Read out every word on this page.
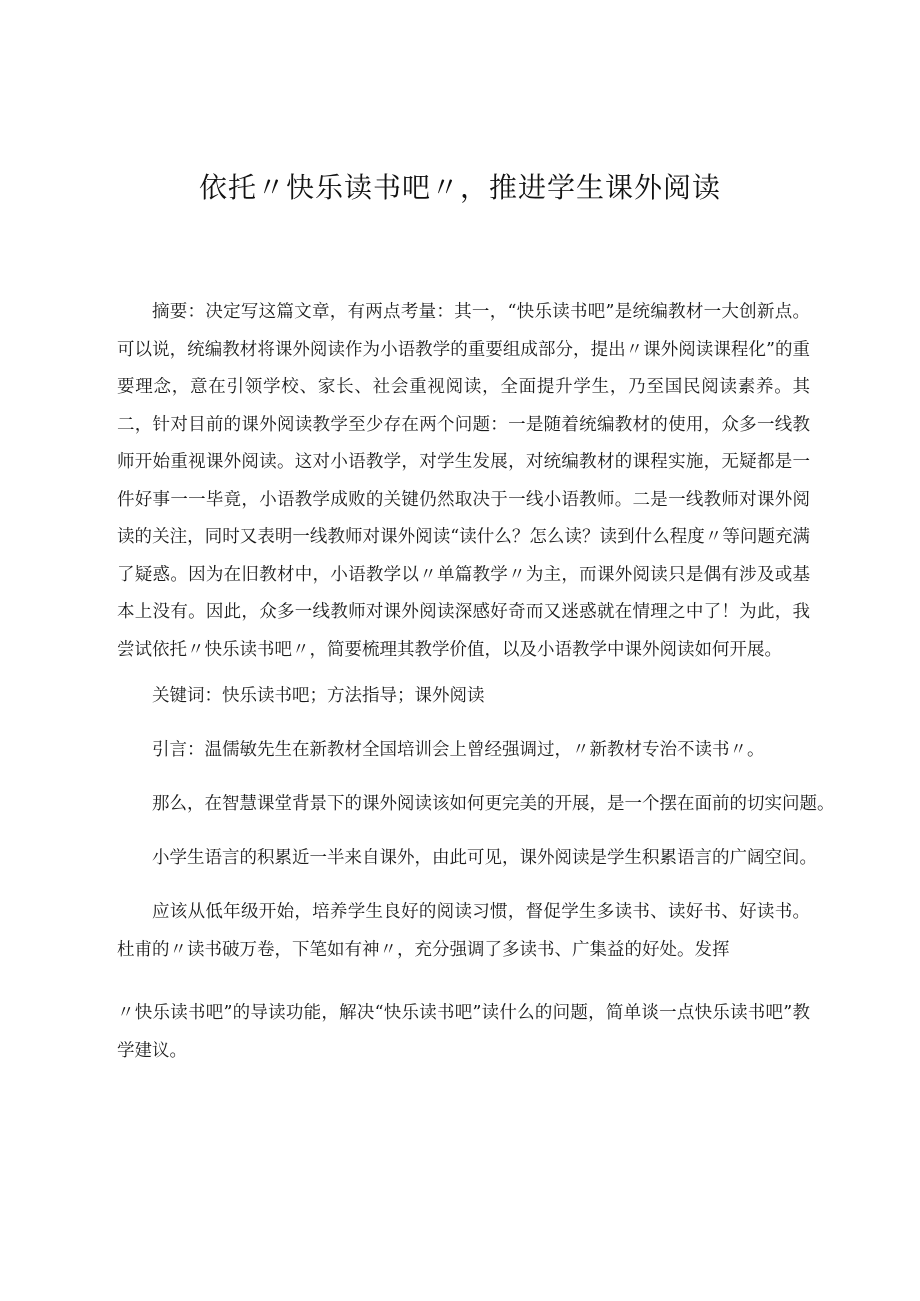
依托〃快乐读书吧〃，推进学生课外阅读

摘要：决定写这篇文章，有两点考量：其一，“快乐读书吧”是统编教材一大创新点。可以说，统编教材将课外阅读作为小语教学的重要组成部分，提出〃课外阅读课程化”的重要理念，意在引领学校、家长、社会重视阅读，全面提升学生，乃至国民阅读素养。其二，针对目前的课外阅读教学至少存在两个问题：一是随着统编教材的使用，众多一线教师开始重视课外阅读。这对小语教学，对学生发展，对统编教材的课程实施，无疑都是一件好事一一毕竟，小语教学成败的关键仍然取决于一线小语教师。二是一线教师对课外阅读的关注，同时又表明一线教师对课外阅读“读什么？怎么读？读到什么程度〃等问题充满了疑惑。因为在旧教材中，小语教学以〃单篇教学〃为主，而课外阅读只是偶有涉及或基本上没有。因此，众多一线教师对课外阅读深感好奇而又迷惑就在情理之中了！为此，我尝试依托〃快乐读书吧〃，简要梳理其教学价值，以及小语教学中课外阅读如何开展。

关键词：快乐读书吧；方法指导；课外阅读

引言：温儒敏先生在新教材全国培训会上曾经强调过，〃新教材专治不读书〃。

那么，在智慧课堂背景下的课外阅读该如何更完美的开展，是一个摆在面前的切实问题。

小学生语言的积累近一半来自课外，由此可见，课外阅读是学生积累语言的广阔空间。

应该从低年级开始，培养学生良好的阅读习惯，督促学生多读书、读好书、好读书。杜甫的〃读书破万卷，下笔如有神〃，充分强调了多读书、广集益的好处。发挥

〃快乐读书吧”的导读功能，解决“快乐读书吧”读什么的问题，简单谈一点快乐读书吧”教学建议。
